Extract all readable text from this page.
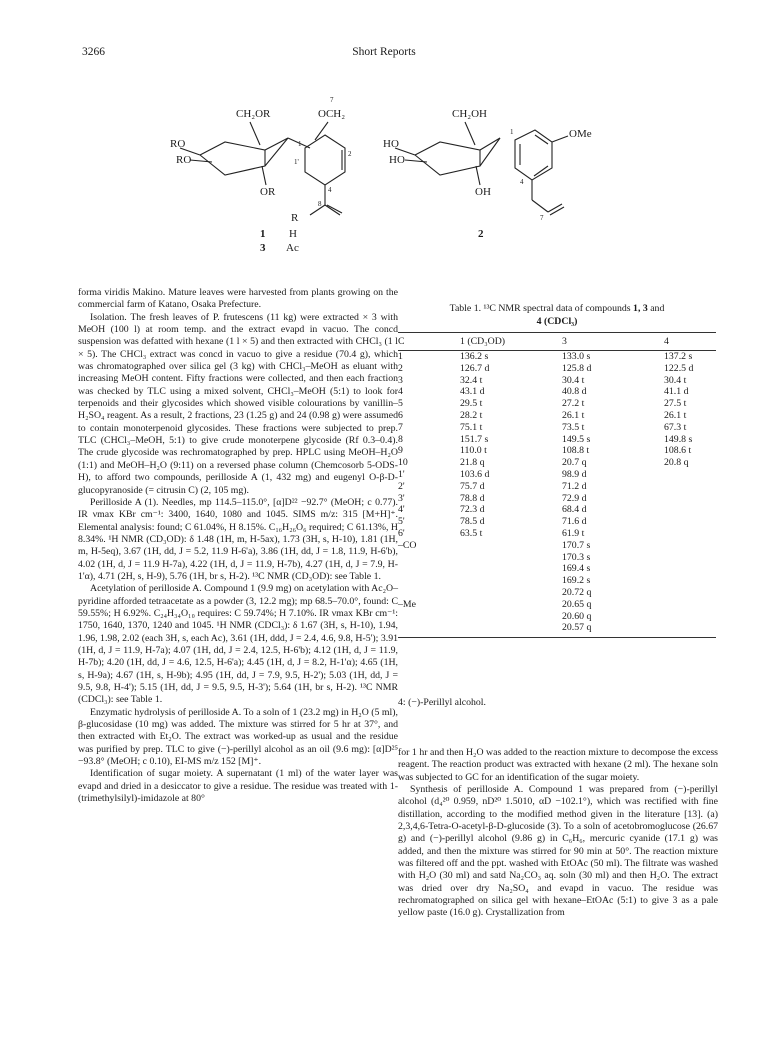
3266	Short Reports
CH₂OR	OCH₂
RO
RO
OR
7
1'
2
4
1
8
CH₂OH
HO
HO
OH
OMe
1
4
7
R
1 H
3 Ac
2

forma viridis Makino. Mature leaves were harvested from plants growing on the commercial farm of Katano, Osaka Prefecture.

Isolation. The fresh leaves of P. frutescens (11 kg) were extracted × 3 with MeOH (100 l) at room temp. and the extract evapd in vacuo. The concd suspension was defatted with hexane (1 l × 5) and then extracted with CHCl₃ (1 l × 5). The CHCl₃ extract was concd in vacuo to give a residue (70.4 g), which was chromatographed over silica gel (3 kg) with CHCl₃–MeOH as eluant with increasing MeOH content. Fifty fractions were collected, and then each fraction was checked by TLC using a mixed solvent, CHCl₃–MeOH (5:1) to look for terpenoids and their glycosides which showed visible colourations by vanillin–H₂SO₄ reagent. As a result, 2 fractions, 23 (1.25 g) and 24 (0.98 g) were assumed to contain monoterpenoid glycosides. These fractions were subjected to prep. TLC (CHCl₃–MeOH, 5:1) to give crude monoterpene glycoside (Rf 0.3–0.4). The crude glycoside was rechromatographed by prep. HPLC using MeOH–H₂O (1:1) and MeOH–H₂O (9:11) on a reversed phase column (Chemcosorb 5-ODS-H), to afford two compounds, perilloside A (1, 432 mg) and eugenyl O-β-D-glucopyranoside (= citrusin C) (2, 105 mg).

Perilloside A (1). Needles, mp 114.5–115.0°, [α]D²² −92.7° (MeOH; c 0.77). IR νmax KBr cm⁻¹: 3400, 1640, 1080 and 1045. SIMS m/z: 315 [M+H]⁺. Elemental analysis: found; C 61.04%, H 8.15%. C₁₆H₂₆O₆ required; C 61.13%, H 8.34%. ¹H NMR (CD₃OD): δ 1.48 (1H, m, H-5ax), 1.73 (3H, s, H-10), 1.81 (1H, m, H-5eq), 3.67 (1H, dd, J = 5.2, 11.9 H-6'a), 3.86 (1H, dd, J = 1.8, 11.9, H-6'b), 4.02 (1H, d, J = 11.9 H-7a), 4.22 (1H, d, J = 11.9, H-7b), 4.27 (1H, d, J = 7.9, H-1'α), 4.71 (2H, s, H-9), 5.76 (1H, br s, H-2). ¹³C NMR (CD₃OD): see Table 1.

Acetylation of perilloside A. Compound 1 (9.9 mg) on acetylation with Ac₂O–pyridine afforded tetraacetate as a powder (3, 12.2 mg); mp 68.5–70.0°, found: C 59.55%; H 6.92%. C₂₄H₃₄O₁₀ requires: C 59.74%; H 7.10%. IR νmax KBr cm⁻¹: 1750, 1640, 1370, 1240 and 1045. ¹H NMR (CDCl₃): δ 1.67 (3H, s, H-10), 1.94, 1.96, 1.98, 2.02 (each 3H, s, each Ac), 3.61 (1H, ddd, J = 2.4, 4.6, 9.8, H-5'); 3.91 (1H, d, J = 11.9, H-7a); 4.07 (1H, dd, J = 2.4, 12.5, H-6'b); 4.12 (1H, d, J = 11.9, H-7b); 4.20 (1H, dd, J = 4.6, 12.5, H-6'a); 4.45 (1H, d, J = 8.2, H-1'α); 4.65 (1H, s, H-9a); 4.67 (1H, s, H-9b); 4.95 (1H, dd, J = 7.9, 9.5, H-2'); 5.03 (1H, dd, J = 9.5, 9.8, H-4'); 5.15 (1H, dd, J = 9.5, 9.5, H-3'); 5.64 (1H, br s, H-2). ¹³C NMR (CDCl₃): see Table 1.

Enzymatic hydrolysis of perilloside A. To a soln of 1 (23.2 mg) in H₂O (5 ml), β-glucosidase (10 mg) was added. The mixture was stirred for 5 hr at 37°, and then extracted with Et₂O. The extract was worked-up as usual and the residue was purified by prep. TLC to give (−)-perillyl alcohol as an oil (9.6 mg): [α]D²⁵ −93.8° (MeOH; c 0.10), EI-MS m/z 152 [M]⁺.

Identification of sugar moiety. A supernatant (1 ml) of the water layer was evapd and dried in a desiccator to give a residue. The residue was treated with 1-(trimethylsilyl)-imidazole at 80°

Table 1. ¹³C NMR spectral data of compounds 1, 3 and
4 (CDCl₃)
C	1 (CD₃OD)	3	4
1	136.2 s	133.0 s	137.2 s
2	126.7 d	125.8 d	122.5 d
3	32.4 t	30.4 t	30.4 t
4	43.1 d	40.8 d	41.1 d
5	29.5 t	27.2 t	27.5 t
6	28.2 t	26.1 t	26.1 t
7	75.1 t	73.5 t	67.3 t
8	151.7 s	149.5 s	149.8 s
9	110.0 t	108.8 t	108.6 t
10	21.8 q	20.7 q	20.8 q
1'	103.6 d	98.9 d	
2'	75.7 d	71.2 d	
3'	78.8 d	72.9 d	
4'	72.3 d	68.4 d	
5'	78.5 d	71.6 d	
6'	63.5 t	61.9 t	
–CO		170.7 s	
		170.3 s	
		169.4 s	
		169.2 s	
		20.72 q	
–Me		20.65 q	
		20.60 q	
		20.57 q	
4: (−)-Perillyl alcohol.

for 1 hr and then H₂O was added to the reaction mixture to decompose the excess reagent. The reaction product was extracted with hexane (2 ml). The hexane soln was subjected to GC for an identification of the sugar moiety.

Synthesis of perilloside A. Compound 1 was prepared from (−)-perillyl alcohol (d₄²⁰ 0.959, nD²⁰ 1.5010, αD −102.1°), which was rectified with fine distillation, according to the modified method given in the literature [13]. (a) 2,3,4,6-Tetra-O-acetyl-β-D-glucoside (3). To a soln of acetobromoglucose (26.67 g) and (−)-perillyl alcohol (9.86 g) in C₆H₆, mercuric cyanide (17.1 g) was added, and then the mixture was stirred for 90 min at 50°. The reaction mixture was filtered off and the ppt. washed with EtOAc (50 ml). The filtrate was washed with H₂O (30 ml) and satd Na₂CO₃ aq. soln (30 ml) and then H₂O. The extract was dried over dry Na₂SO₄ and evapd in vacuo. The residue was rechromatographed on silica gel with hexane–EtOAc (5:1) to give 3 as a pale yellow paste (16.0 g). Crystallization from
